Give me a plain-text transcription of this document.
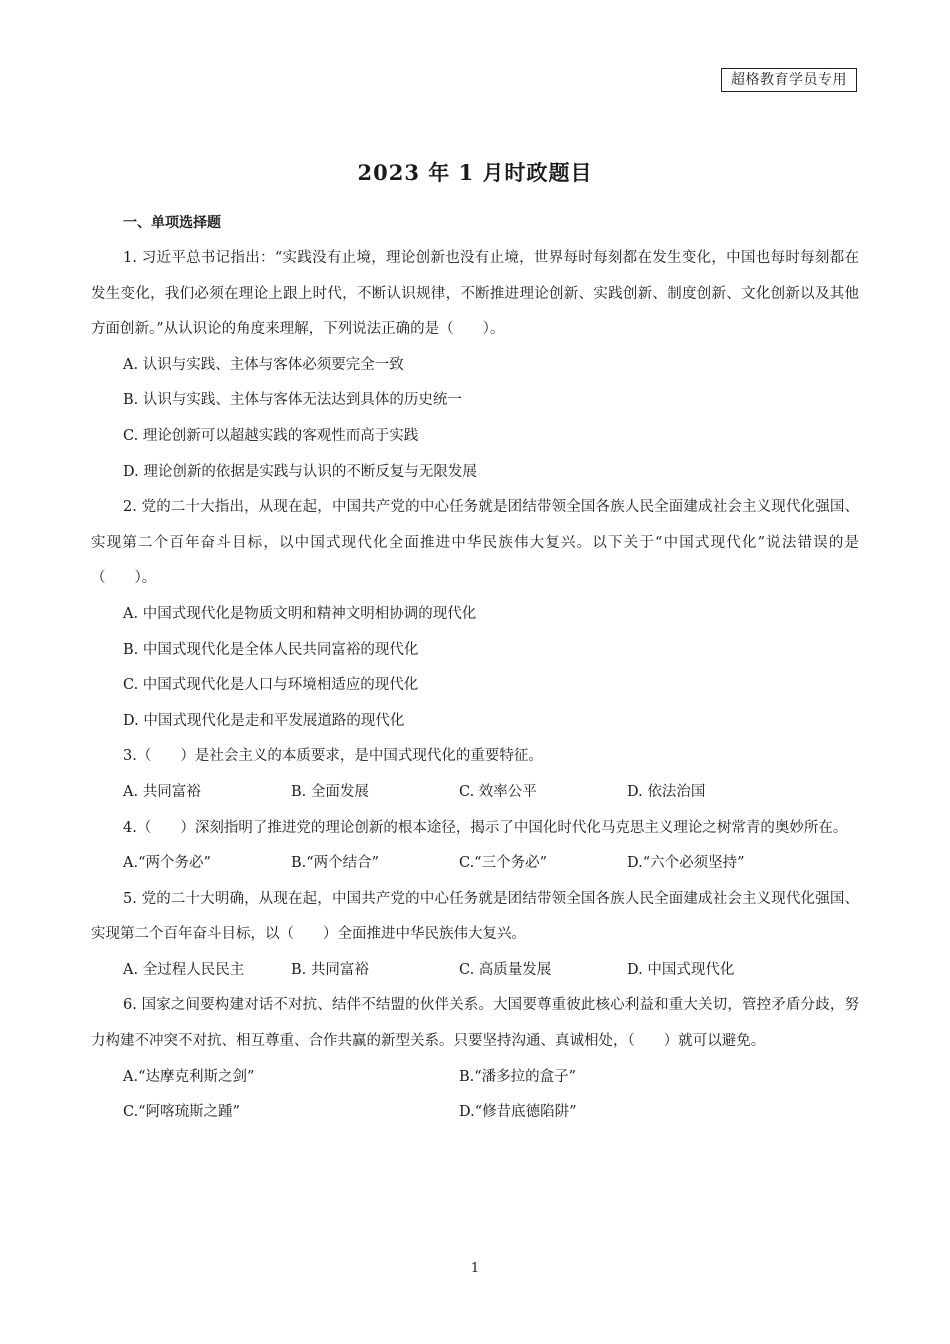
超格教育学员专用
2023 年 1 月时政题目
一、单项选择题

1. 习近平总书记指出：“实践没有止境，理论创新也没有止境，世界每时每刻都在发生变化，中国也每时每刻都在发生变化，我们必须在理论上跟上时代，不断认识规律，不断推进理论创新、实践创新、制度创新、文化创新以及其他方面创新。”从认识论的角度来理解，下列说法正确的是（　　）。

A. 认识与实践、主体与客体必须要完全一致
B. 认识与实践、主体与客体无法达到具体的历史统一
C. 理论创新可以超越实践的客观性而高于实践
D. 理论创新的依据是实践与认识的不断反复与无限发展

2. 党的二十大指出，从现在起，中国共产党的中心任务就是团结带领全国各族人民全面建成社会主义现代化强国、实现第二个百年奋斗目标，以中国式现代化全面推进中华民族伟大复兴。以下关于“中国式现代化”说法错误的是（　　）。

A. 中国式现代化是物质文明和精神文明相协调的现代化
B. 中国式现代化是全体人民共同富裕的现代化
C. 中国式现代化是人口与环境相适应的现代化
D. 中国式现代化是走和平发展道路的现代化

3.（　　）是社会主义的本质要求，是中国式现代化的重要特征。

A. 共同富裕	B. 全面发展	C. 效率公平	D. 依法治国

4.（　　）深刻指明了推进党的理论创新的根本途径，揭示了中国化时代化马克思主义理论之树常青的奥妙所在。

A.“两个务必”	B.“两个结合”	C.“三个务必”	D.“六个必须坚持”

5. 党的二十大明确，从现在起，中国共产党的中心任务就是团结带领全国各族人民全面建成社会主义现代化强国、实现第二个百年奋斗目标，以（　　）全面推进中华民族伟大复兴。

A. 全过程人民民主	B. 共同富裕	C. 高质量发展	D. 中国式现代化

6. 国家之间要构建对话不对抗、结伴不结盟的伙伴关系。大国要尊重彼此核心利益和重大关切，管控矛盾分歧，努力构建不冲突不对抗、相互尊重、合作共赢的新型关系。只要坚持沟通、真诚相处，（　　）就可以避免。

A.“达摩克利斯之剑”	B.“潘多拉的盒子”
C.“阿喀琉斯之踵”	D.“修昔底德陷阱”
1
